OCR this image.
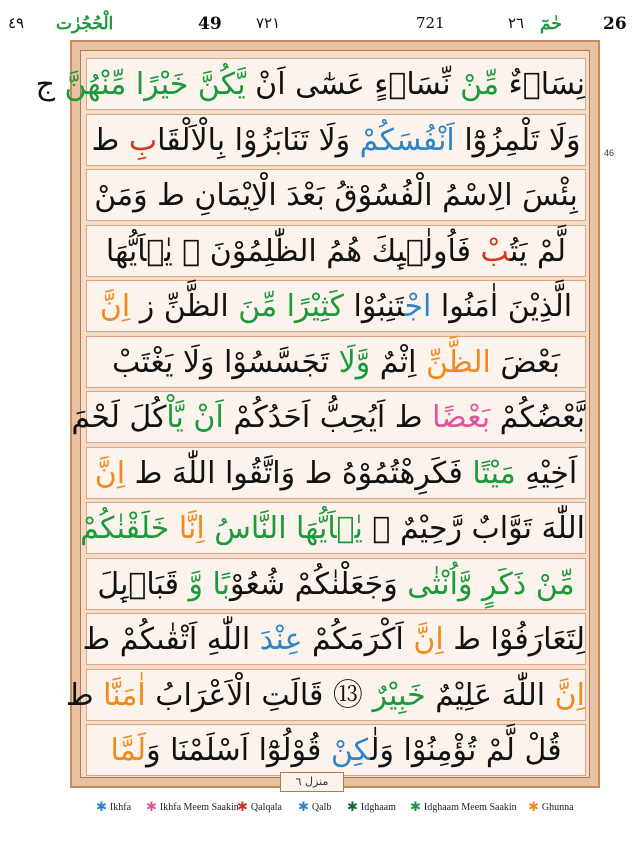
٤٩ الْحُجُرٰت	49 ٧٢١	721	٢٦ حٰمٓ 26
46
نِسَاۤءٌ مِّنْ نِّسَاۤءٍ عَسٰٓى اَنْ يَّكُنَّ خَيْرًا مِّنْهُنَّ ج
وَلَا تَلْمِزُوْٓا اَنْفُسَكُمْ وَلَا تَنَابَزُوْا بِالْاَلْقَابِ ط
بِئْسَ الِاسْمُ الْفُسُوْقُ بَعْدَ الْاِيْمَانِ ط وَمَنْ
لَّمْ يَتُبْ فَاُولٰۤىِٕكَ هُمُ الظّٰلِمُوْنَ ⑪ يٰۤاَيُّهَا
الَّذِيْنَ اٰمَنُوا اجْتَنِبُوْا كَثِيْرًا مِّنَ الظَّنِّ ز اِنَّ
بَعْضَ الظَّنِّ اِثْمٌ وَّلَا تَجَسَّسُوْا وَلَا يَغْتَبْ
بَّعْضُكُمْ بَعْضًا ط اَيُحِبُّ اَحَدُكُمْ اَنْ يَّاْكُلَ لَحْمَ
اَخِيْهِ مَيْتًا فَكَرِهْتُمُوْهُ ط وَاتَّقُوا اللّٰهَ ط اِنَّ
اللّٰهَ تَوَّابٌ رَّحِيْمٌ ⑫ يٰۤاَيُّهَا النَّاسُ اِنَّا خَلَقْنٰكُمْ
مِّنْ ذَكَرٍ وَّاُنْثٰى وَجَعَلْنٰكُمْ شُعُوْبًا وَّ قَبَاۤىِٕلَ
لِتَعَارَفُوْا ط اِنَّ اَكْرَمَكُمْ عِنْدَ اللّٰهِ اَتْقٰىكُمْ ط
اِنَّ اللّٰهَ عَلِيْمٌ خَبِيْرٌ ⑬ قَالَتِ الْاَعْرَابُ اٰمَنَّا ط
قُلْ لَّمْ تُؤْمِنُوْا وَلٰكِنْ قُوْلُوْٓا اَسْلَمْنَا وَلَمَّا
منزل ٦
✱ Ikhfa ✱ Ikhfa Meem Saakin
✱ Qalqala ✱ Qalb ✱ Idghaam ✱ Idghaam Meem Saakin ✱ Ghunna
